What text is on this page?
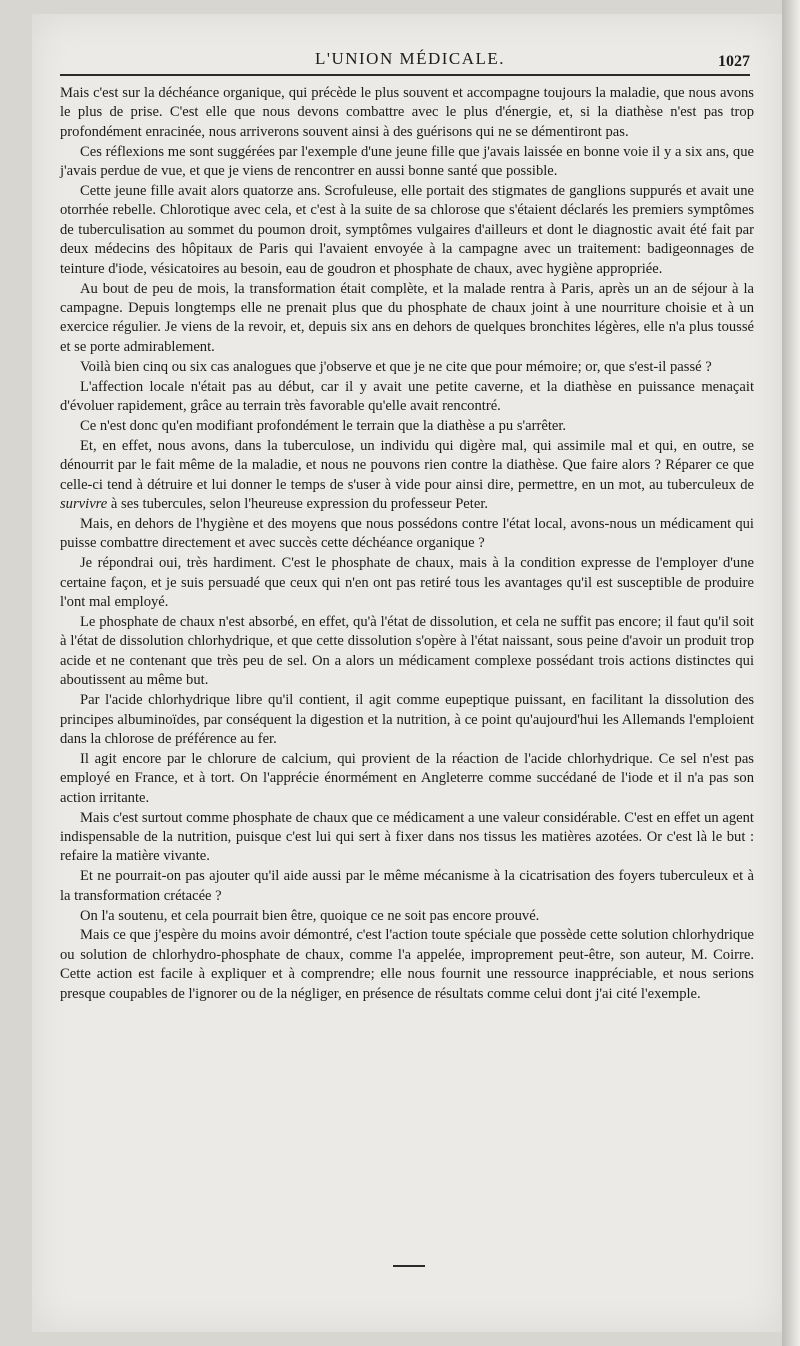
L'UNION MÉDICALE.	1027

Mais c'est sur la déchéance organique, qui précède le plus souvent et accompagne toujours la maladie, que nous avons le plus de prise. C'est elle que nous devons combattre avec le plus d'énergie, et, si la diathèse n'est pas trop profondément enracinée, nous arriverons souvent ainsi à des guérisons qui ne se démentiront pas.

Ces réflexions me sont suggérées par l'exemple d'une jeune fille que j'avais laissée en bonne voie il y a six ans, que j'avais perdue de vue, et que je viens de rencontrer en aussi bonne santé que possible.

Cette jeune fille avait alors quatorze ans. Scrofuleuse, elle portait des stigmates de ganglions suppurés et avait une otorrhée rebelle. Chlorotique avec cela, et c'est à la suite de sa chlorose que s'étaient déclarés les premiers symptômes de tuberculisation au sommet du poumon droit, symptômes vulgaires d'ailleurs et dont le diagnostic avait été fait par deux médecins des hôpitaux de Paris qui l'avaient envoyée à la campagne avec un traitement: badigeonnages de teinture d'iode, vésicatoires au besoin, eau de goudron et phosphate de chaux, avec hygiène appropriée.

Au bout de peu de mois, la transformation était complète, et la malade rentra à Paris, après un an de séjour à la campagne. Depuis longtemps elle ne prenait plus que du phosphate de chaux joint à une nourriture choisie et à un exercice régulier. Je viens de la revoir, et, depuis six ans en dehors de quelques bronchites légères, elle n'a plus toussé et se porte admirablement.

Voilà bien cinq ou six cas analogues que j'observe et que je ne cite que pour mémoire; or, que s'est-il passé ?

L'affection locale n'était pas au début, car il y avait une petite caverne, et la diathèse en puissance menaçait d'évoluer rapidement, grâce au terrain très favorable qu'elle avait rencontré.

Ce n'est donc qu'en modifiant profondément le terrain que la diathèse a pu s'arrêter.

Et, en effet, nous avons, dans la tuberculose, un individu qui digère mal, qui assimile mal et qui, en outre, se dénourrit par le fait même de la maladie, et nous ne pouvons rien contre la diathèse. Que faire alors ? Réparer ce que celle-ci tend à détruire et lui donner le temps de s'user à vide pour ainsi dire, permettre, en un mot, au tuberculeux de survivre à ses tubercules, selon l'heureuse expression du professeur Peter.

Mais, en dehors de l'hygiène et des moyens que nous possédons contre l'état local, avons-nous un médicament qui puisse combattre directement et avec succès cette déchéance organique ?

Je répondrai oui, très hardiment. C'est le phosphate de chaux, mais à la condition expresse de l'employer d'une certaine façon, et je suis persuadé que ceux qui n'en ont pas retiré tous les avantages qu'il est susceptible de produire l'ont mal employé.

Le phosphate de chaux n'est absorbé, en effet, qu'à l'état de dissolution, et cela ne suffit pas encore; il faut qu'il soit à l'état de dissolution chlorhydrique, et que cette dissolution s'opère à l'état naissant, sous peine d'avoir un produit trop acide et ne contenant que très peu de sel. On a alors un médicament complexe possédant trois actions distinctes qui aboutissent au même but.

Par l'acide chlorhydrique libre qu'il contient, il agit comme eupeptique puissant, en facilitant la dissolution des principes albuminoïdes, par conséquent la digestion et la nutrition, à ce point qu'aujourd'hui les Allemands l'emploient dans la chlorose de préférence au fer.

Il agit encore par le chlorure de calcium, qui provient de la réaction de l'acide chlorhydrique. Ce sel n'est pas employé en France, et à tort. On l'apprécie énormément en Angleterre comme succédané de l'iode et il n'a pas son action irritante.

Mais c'est surtout comme phosphate de chaux que ce médicament a une valeur considérable. C'est en effet un agent indispensable de la nutrition, puisque c'est lui qui sert à fixer dans nos tissus les matières azotées. Or c'est là le but : refaire la matière vivante.

Et ne pourrait-on pas ajouter qu'il aide aussi par le même mécanisme à la cicatrisation des foyers tuberculeux et à la transformation crétacée ?

On l'a soutenu, et cela pourrait bien être, quoique ce ne soit pas encore prouvé.

Mais ce que j'espère du moins avoir démontré, c'est l'action toute spéciale que possède cette solution chlorhydrique ou solution de chlorhydro-phosphate de chaux, comme l'a appelée, improprement peut-être, son auteur, M. Coirre. Cette action est facile à expliquer et à comprendre; elle nous fournit une ressource inappréciable, et nous serions presque coupables de l'ignorer ou de la négliger, en présence de résultats comme celui dont j'ai cité l'exemple.
